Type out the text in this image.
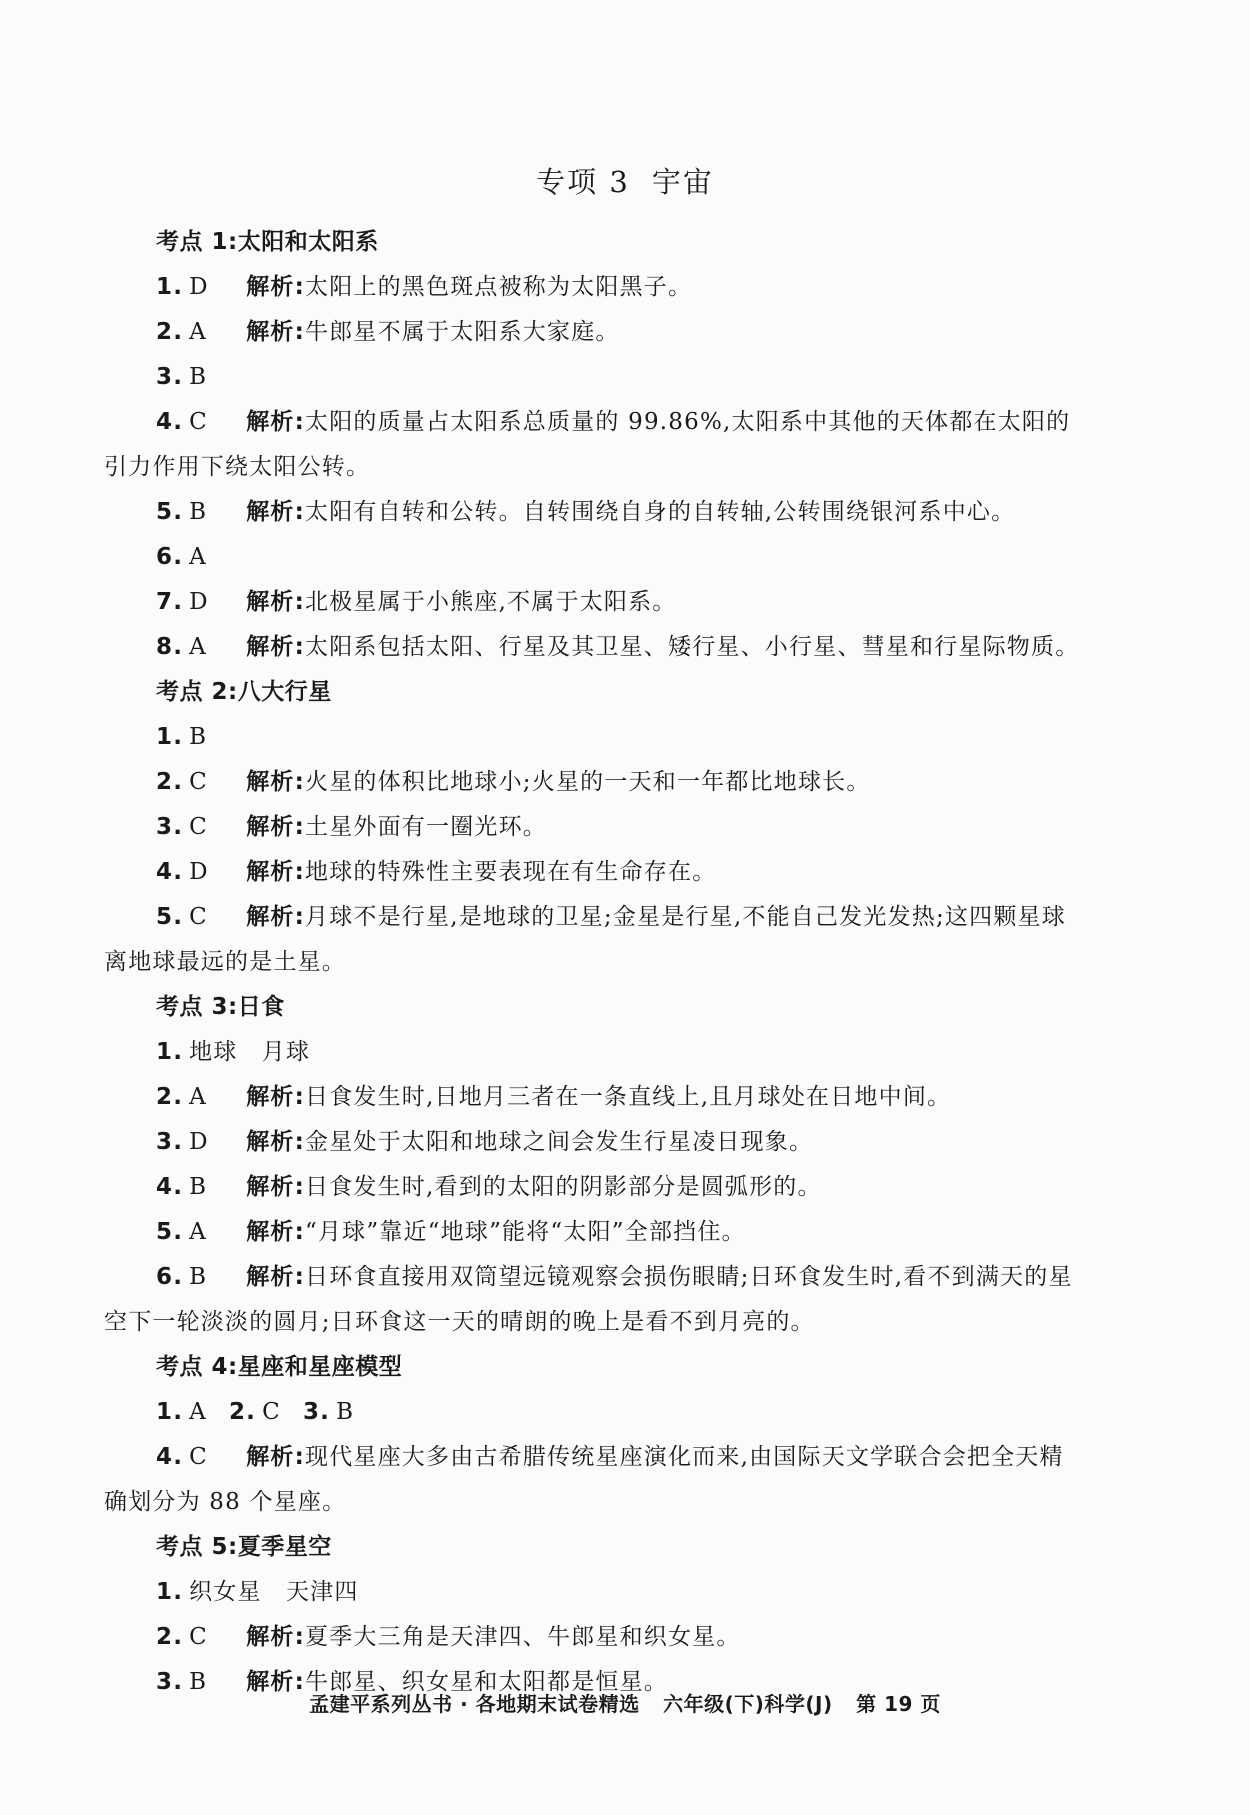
专项 3 宇宙
考点 1:太阳和太阳系
1. D 解析:太阳上的黑色斑点被称为太阳黑子。
2. A 解析:牛郎星不属于太阳系大家庭。
3. B
4. C 解析:太阳的质量占太阳系总质量的 99.86%,太阳系中其他的天体都在太阳的
引力作用下绕太阳公转。
5. B 解析:太阳有自转和公转。自转围绕自身的自转轴,公转围绕银河系中心。
6. A
7. D 解析:北极星属于小熊座,不属于太阳系。
8. A 解析:太阳系包括太阳、行星及其卫星、矮行星、小行星、彗星和行星际物质。
考点 2:八大行星
1. B
2. C 解析:火星的体积比地球小;火星的一天和一年都比地球长。
3. C 解析:土星外面有一圈光环。
4. D 解析:地球的特殊性主要表现在有生命存在。
5. C 解析:月球不是行星,是地球的卫星;金星是行星,不能自己发光发热;这四颗星球
离地球最远的是土星。
考点 3:日食
1. 地球　月球
2. A 解析:日食发生时,日地月三者在一条直线上,且月球处在日地中间。
3. D 解析:金星处于太阳和地球之间会发生行星凌日现象。
4. B 解析:日食发生时,看到的太阳的阴影部分是圆弧形的。
5. A 解析:“月球”靠近“地球”能将“太阳”全部挡住。
6. B 解析:日环食直接用双筒望远镜观察会损伤眼睛;日环食发生时,看不到满天的星
空下一轮淡淡的圆月;日环食这一天的晴朗的晚上是看不到月亮的。
考点 4:星座和星座模型
1. A 2. C 3. B
4. C 解析:现代星座大多由古希腊传统星座演化而来,由国际天文学联合会把全天精
确划分为 88 个星座。
考点 5:夏季星空
1. 织女星　天津四
2. C 解析:夏季大三角是天津四、牛郎星和织女星。
3. B 解析:牛郎星、织女星和太阳都是恒星。
孟建平系列丛书 · 各地期末试卷精选 六年级(下)科学(J) 第 19 页
